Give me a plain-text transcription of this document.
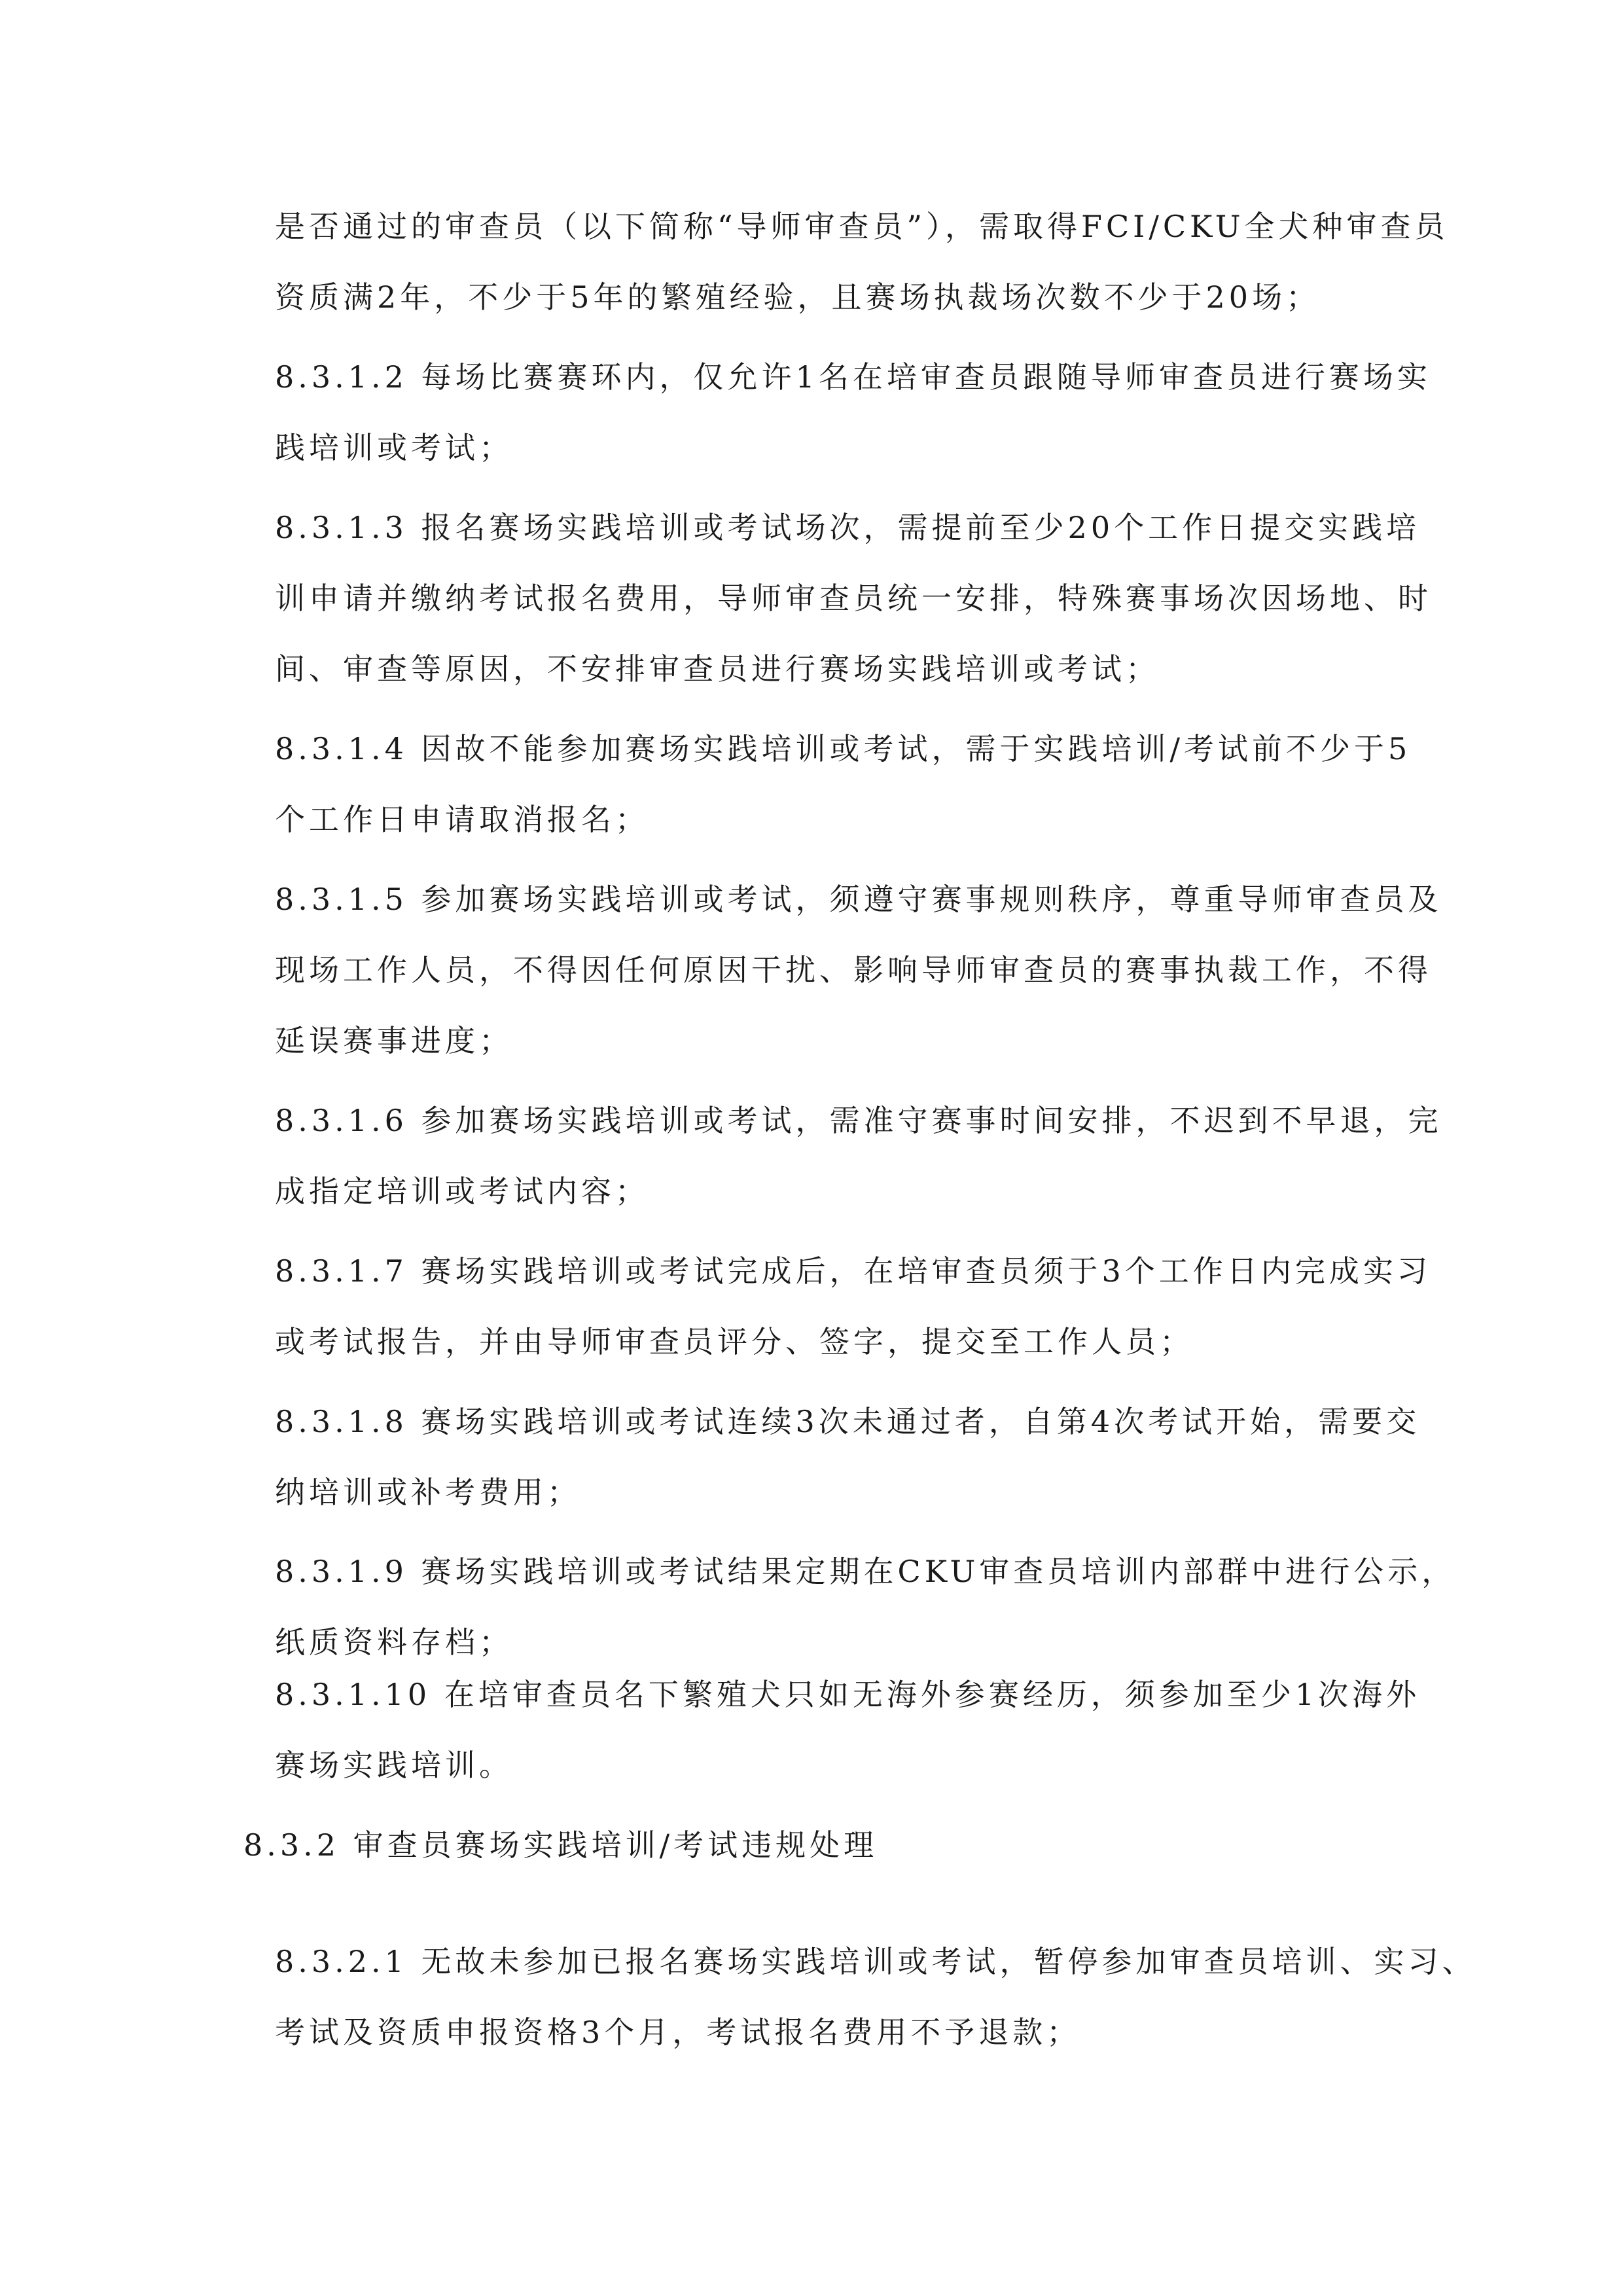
是否通过的审查员（以下简称“导师审查员”），需取得FCI/CKU全犬种审查员
资质满2年，不少于5年的繁殖经验，且赛场执裁场次数不少于20场；
8.3.1.2 每场比赛赛环内，仅允许1名在培审查员跟随导师审查员进行赛场实
践培训或考试；
8.3.1.3 报名赛场实践培训或考试场次，需提前至少20个工作日提交实践培
训申请并缴纳考试报名费用，导师审查员统一安排，特殊赛事场次因场地、时
间、审查等原因，不安排审查员进行赛场实践培训或考试；
8.3.1.4 因故不能参加赛场实践培训或考试，需于实践培训/考试前不少于5
个工作日申请取消报名；
8.3.1.5 参加赛场实践培训或考试，须遵守赛事规则秩序，尊重导师审查员及
现场工作人员，不得因任何原因干扰、影响导师审查员的赛事执裁工作，不得
延误赛事进度；
8.3.1.6 参加赛场实践培训或考试，需准守赛事时间安排，不迟到不早退，完
成指定培训或考试内容；
8.3.1.7 赛场实践培训或考试完成后，在培审查员须于3个工作日内完成实习
或考试报告，并由导师审查员评分、签字，提交至工作人员；
8.3.1.8 赛场实践培训或考试连续3次未通过者，自第4次考试开始，需要交
纳培训或补考费用；
8.3.1.9 赛场实践培训或考试结果定期在CKU审查员培训内部群中进行公示，
纸质资料存档；
8.3.1.10 在培审查员名下繁殖犬只如无海外参赛经历，须参加至少1次海外
赛场实践培训。
8.3.2 审查员赛场实践培训/考试违规处理
8.3.2.1 无故未参加已报名赛场实践培训或考试，暂停参加审查员培训、实习、
考试及资质申报资格3个月，考试报名费用不予退款；
